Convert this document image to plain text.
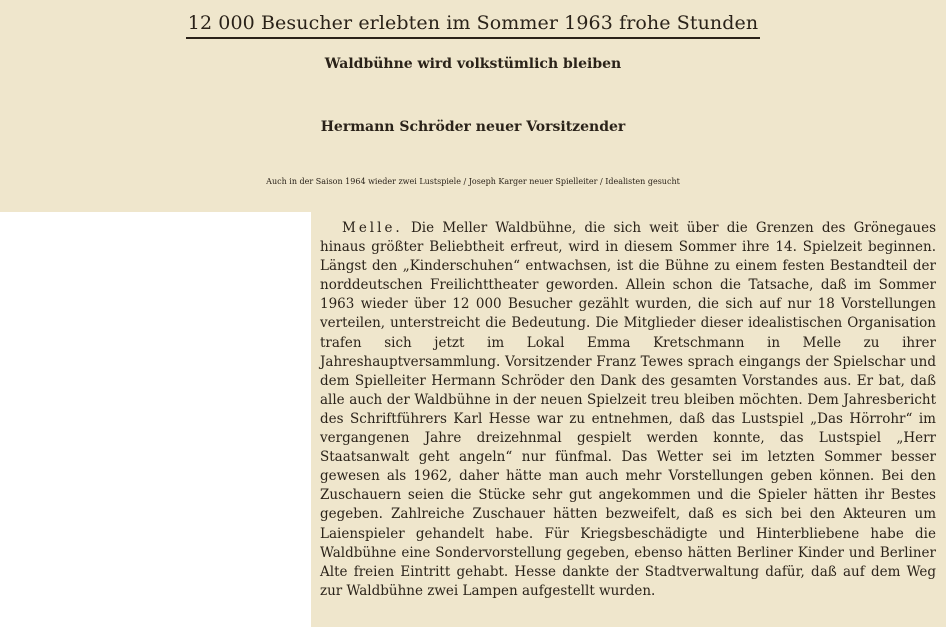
12 000 Besucher erlebten im Sommer 1963 frohe Stunden
Waldbühne wird volkstümlich bleiben
Hermann Schröder neuer Vorsitzender
Auch in der Saison 1964 wieder zwei Lustspiele / Joseph Karger neuer Spielleiter / Idealisten gesucht

Melle. Die Meller Waldbühne, die sich weit über die Grenzen des Grönegaues hinaus größter Beliebtheit erfreut, wird in diesem Sommer ihre 14. Spielzeit beginnen. Längst den „Kinderschuhen“ entwachsen, ist die Bühne zu einem festen Bestandteil der norddeutschen Freilichttheater geworden. Allein schon die Tatsache, daß im Sommer 1963 wieder über 12 000 Besucher gezählt wurden, die sich auf nur 18 Vorstellungen verteilen, unterstreicht die Bedeutung. Die Mitglieder dieser idealistischen Organisation trafen sich jetzt im Lokal Emma Kretschmann in Melle zu ihrer Jahreshauptversammlung. Vorsitzender Franz Tewes sprach eingangs der Spielschar und dem Spielleiter Hermann Schröder den Dank des gesamten Vorstandes aus. Er bat, daß alle auch der Waldbühne in der neuen Spielzeit treu bleiben möchten. Dem Jahresbericht des Schriftführers Karl Hesse war zu entnehmen, daß das Lustspiel „Das Hörrohr“ im vergangenen Jahre dreizehnmal gespielt werden konnte, das Lustspiel „Herr Staatsanwalt geht angeln“ nur fünfmal. Das Wetter sei im letzten Sommer besser gewesen als 1962, daher hätte man auch mehr Vorstellungen geben können. Bei den Zuschauern seien die Stücke sehr gut angekommen und die Spieler hätten ihr Bestes gegeben. Zahlreiche Zuschauer hätten bezweifelt, daß es sich bei den Akteuren um Laienspieler gehandelt habe. Für Kriegsbeschädigte und Hinterbliebene habe die Waldbühne eine Sondervorstellung gegeben, ebenso hätten Berliner Kinder und Berliner Alte freien Eintritt gehabt. Hesse dankte der Stadtverwaltung dafür, daß auf dem Weg zur Waldbühne zwei Lampen aufgestellt wurden.
